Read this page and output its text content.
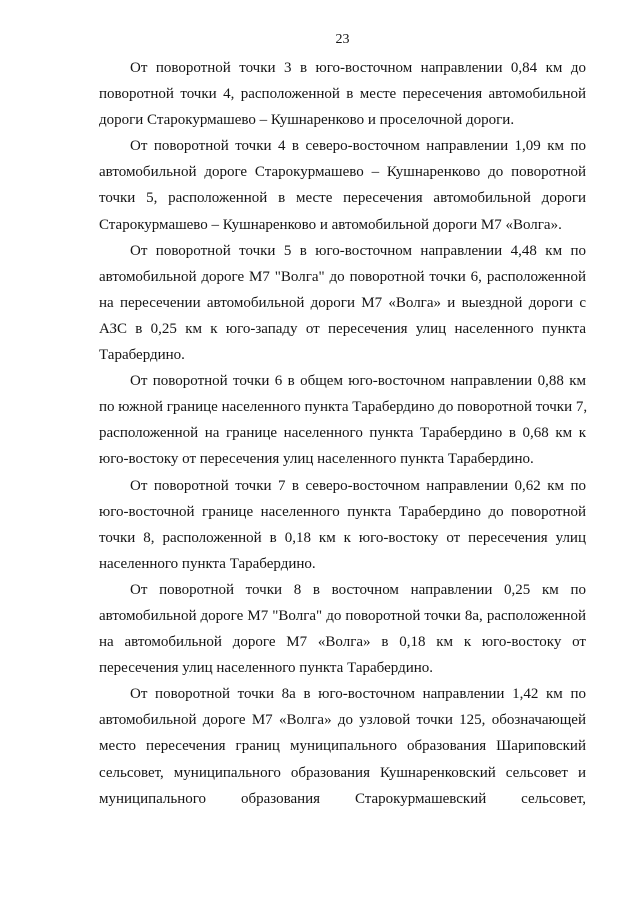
23
От поворотной точки 3 в юго-восточном направлении 0,84 км до
поворотной точки 4, расположенной в месте пересечения автомобильной
дороги Старокурмашево – Кушнаренково и проселочной дороги.
От поворотной точки 4 в северо-восточном направлении 1,09 км по
автомобильной дороге Старокурмашево – Кушнаренково до поворотной
точки 5, расположенной в месте пересечения автомобильной дороги
Старокурмашево – Кушнаренково и автомобильной дороги М7 «Волга».
От поворотной точки 5 в юго-восточном направлении 4,48 км по
автомобильной дороге М7 "Волга" до поворотной точки 6, расположенной
на пересечении автомобильной дороги М7 «Волга» и выездной дороги с
АЗС в 0,25 км к юго-западу от пересечения улиц населенного пункта
Тарабердино.
От поворотной точки 6 в общем юго-восточном направлении 0,88 км
по южной границе населенного пункта Тарабердино до поворотной точки 7,
расположенной на границе населенного пункта Тарабердино в 0,68 км к
юго-востоку от пересечения улиц населенного пункта Тарабердино.
От поворотной точки 7 в северо-восточном направлении 0,62 км по
юго-восточной границе населенного пункта Тарабердино до поворотной
точки 8, расположенной в 0,18 км к юго-востоку от пересечения улиц
населенного пункта Тарабердино.
От поворотной точки 8 в восточном направлении 0,25 км по
автомобильной дороге М7 "Волга" до поворотной точки 8а, расположенной
на автомобильной дороге М7 «Волга» в 0,18 км к юго-востоку от
пересечения улиц населенного пункта Тарабердино.
От поворотной точки 8а в юго-восточном направлении 1,42 км по
автомобильной дороге М7 «Волга» до узловой точки 125, обозначающей
место пересечения границ муниципального образования Шариповский
сельсовет, муниципального образования Кушнаренковский сельсовет и
муниципального образования Старокурмашевский сельсовет,
